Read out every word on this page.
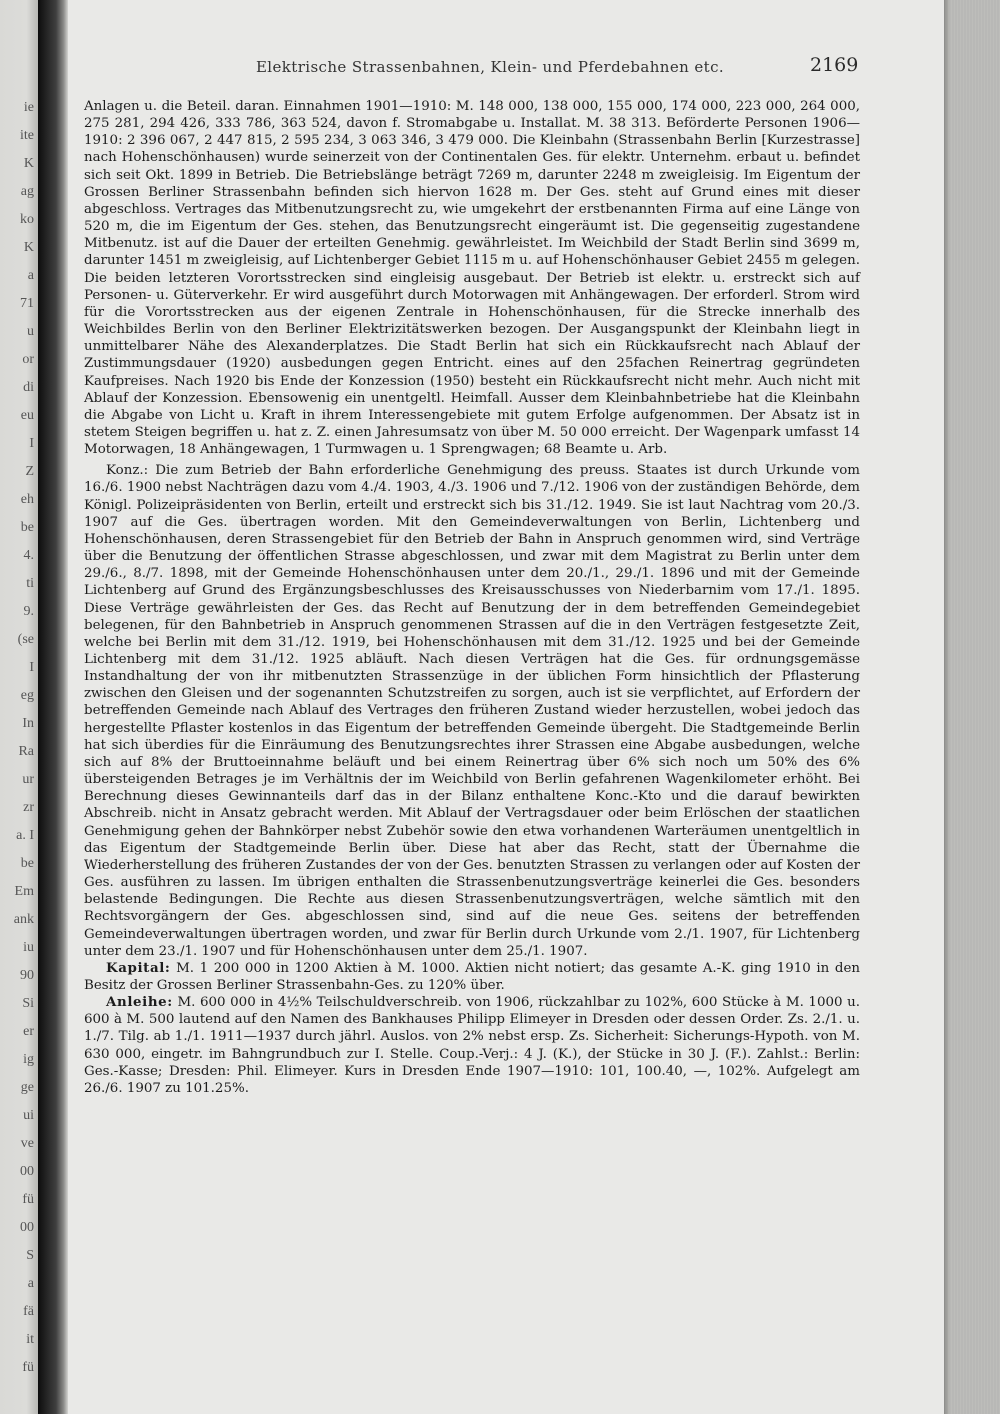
ie
ite
K
ag
ko
K
a
71
u
or
di
eu
I
Z
eh
be
4.
ti
9.
(se
I
eg
In
Ra
ur
zr
a. I
be
Em
ank
iu
90
Si
er
ig
ge
ui
ve
00
fü
00
S
a
fä
it
fü
Elektrische Strassenbahnen, Klein- und Pferdebahnen etc.	2169

Anlagen u. die Beteil. daran. Einnahmen 1901—1910: M. 148 000, 138 000, 155 000, 174 000, 223 000, 264 000, 275 281, 294 426, 333 786, 363 524, davon f. Stromabgabe u. Installat. M. 38 313. Beförderte Personen 1906—1910: 2 396 067, 2 447 815, 2 595 234, 3 063 346, 3 479 000. Die Kleinbahn (Strassenbahn Berlin [Kurzestrasse] nach Hohenschönhausen) wurde seinerzeit von der Continentalen Ges. für elektr. Unternehm. erbaut u. befindet sich seit Okt. 1899 in Betrieb. Die Betriebslänge beträgt 7269 m, darunter 2248 m zweigleisig. Im Eigentum der Grossen Berliner Strassenbahn befinden sich hiervon 1628 m. Der Ges. steht auf Grund eines mit dieser abgeschloss. Vertrages das Mitbenutzungsrecht zu, wie umgekehrt der erstbenannten Firma auf eine Länge von 520 m, die im Eigentum der Ges. stehen, das Benutzungsrecht eingeräumt ist. Die gegenseitig zugestandene Mitbenutz. ist auf die Dauer der erteilten Genehmig. gewährleistet. Im Weichbild der Stadt Berlin sind 3699 m, darunter 1451 m zweigleisig, auf Lichtenberger Gebiet 1115 m u. auf Hohenschönhauser Gebiet 2455 m gelegen. Die beiden letzteren Vorortsstrecken sind eingleisig ausgebaut. Der Betrieb ist elektr. u. erstreckt sich auf Personen- u. Güterverkehr. Er wird ausgeführt durch Motorwagen mit Anhängewagen. Der erforderl. Strom wird für die Vorortsstrecken aus der eigenen Zentrale in Hohenschönhausen, für die Strecke innerhalb des Weichbildes Berlin von den Berliner Elektrizitätswerken bezogen. Der Ausgangspunkt der Kleinbahn liegt in unmittelbarer Nähe des Alexanderplatzes. Die Stadt Berlin hat sich ein Rückkaufsrecht nach Ablauf der Zustimmungsdauer (1920) ausbedungen gegen Entricht. eines auf den 25fachen Reinertrag gegründeten Kaufpreises. Nach 1920 bis Ende der Konzession (1950) besteht ein Rückkaufsrecht nicht mehr. Auch nicht mit Ablauf der Konzession. Ebensowenig ein unentgeltl. Heimfall. Ausser dem Kleinbahnbetriebe hat die Kleinbahn die Abgabe von Licht u. Kraft in ihrem Interessengebiete mit gutem Erfolge aufgenommen. Der Absatz ist in stetem Steigen begriffen u. hat z. Z. einen Jahresumsatz von über M. 50 000 erreicht. Der Wagenpark umfasst 14 Motorwagen, 18 Anhängewagen, 1 Turmwagen u. 1 Sprengwagen; 68 Beamte u. Arb.

Konz.: Die zum Betrieb der Bahn erforderliche Genehmigung des preuss. Staates ist durch Urkunde vom 16./6. 1900 nebst Nachträgen dazu vom 4./4. 1903, 4./3. 1906 und 7./12. 1906 von der zuständigen Behörde, dem Königl. Polizeipräsidenten von Berlin, erteilt und erstreckt sich bis 31./12. 1949. Sie ist laut Nachtrag vom 20./3. 1907 auf die Ges. übertragen worden. Mit den Gemeindeverwaltungen von Berlin, Lichtenberg und Hohenschönhausen, deren Strassengebiet für den Betrieb der Bahn in Anspruch genommen wird, sind Verträge über die Benutzung der öffentlichen Strasse abgeschlossen, und zwar mit dem Magistrat zu Berlin unter dem 29./6., 8./7. 1898, mit der Gemeinde Hohenschönhausen unter dem 20./1., 29./1. 1896 und mit der Gemeinde Lichtenberg auf Grund des Ergänzungsbeschlusses des Kreisausschusses von Niederbarnim vom 17./1. 1895. Diese Verträge gewährleisten der Ges. das Recht auf Benutzung der in dem betreffenden Gemeindegebiet belegenen, für den Bahnbetrieb in Anspruch genommenen Strassen auf die in den Verträgen festgesetzte Zeit, welche bei Berlin mit dem 31./12. 1919, bei Hohenschönhausen mit dem 31./12. 1925 und bei der Gemeinde Lichtenberg mit dem 31./12. 1925 abläuft. Nach diesen Verträgen hat die Ges. für ordnungsgemässe Instandhaltung der von ihr mitbenutzten Strassenzüge in der üblichen Form hinsichtlich der Pflasterung zwischen den Gleisen und der sogenannten Schutzstreifen zu sorgen, auch ist sie verpflichtet, auf Erfordern der betreffenden Gemeinde nach Ablauf des Vertrages den früheren Zustand wieder herzustellen, wobei jedoch das hergestellte Pflaster kostenlos in das Eigentum der betreffenden Gemeinde übergeht. Die Stadtgemeinde Berlin hat sich überdies für die Einräumung des Benutzungsrechtes ihrer Strassen eine Abgabe ausbedungen, welche sich auf 8% der Bruttoeinnahme beläuft und bei einem Reinertrag über 6% sich noch um 50% des 6% übersteigenden Betrages je im Verhältnis der im Weichbild von Berlin gefahrenen Wagenkilometer erhöht. Bei Berechnung dieses Gewinnanteils darf das in der Bilanz enthaltene Konc.-Kto und die darauf bewirkten Abschreib. nicht in Ansatz gebracht werden. Mit Ablauf der Vertragsdauer oder beim Erlöschen der staatlichen Genehmigung gehen der Bahnkörper nebst Zubehör sowie den etwa vorhandenen Warteräumen unentgeltlich in das Eigentum der Stadtgemeinde Berlin über. Diese hat aber das Recht, statt der Übernahme die Wiederherstellung des früheren Zustandes der von der Ges. benutzten Strassen zu verlangen oder auf Kosten der Ges. ausführen zu lassen. Im übrigen enthalten die Strassenbenutzungsverträge keinerlei die Ges. besonders belastende Bedingungen. Die Rechte aus diesen Strassenbenutzungsverträgen, welche sämtlich mit den Rechtsvorgängern der Ges. abgeschlossen sind, sind auf die neue Ges. seitens der betreffenden Gemeindeverwaltungen übertragen worden, und zwar für Berlin durch Urkunde vom 2./1. 1907, für Lichtenberg unter dem 23./1. 1907 und für Hohenschönhausen unter dem 25./1. 1907.

Kapital: M. 1 200 000 in 1200 Aktien à M. 1000. Aktien nicht notiert; das gesamte A.-K. ging 1910 in den Besitz der Grossen Berliner Strassenbahn-Ges. zu 120% über.

Anleihe: M. 600 000 in 4½% Teilschuldverschreib. von 1906, rückzahlbar zu 102%, 600 Stücke à M. 1000 u. 600 à M. 500 lautend auf den Namen des Bankhauses Philipp Elimeyer in Dresden oder dessen Order. Zs. 2./1. u. 1./7. Tilg. ab 1./1. 1911—1937 durch jährl. Auslos. von 2% nebst ersp. Zs. Sicherheit: Sicherungs-Hypoth. von M. 630 000, eingetr. im Bahngrundbuch zur I. Stelle. Coup.-Verj.: 4 J. (K.), der Stücke in 30 J. (F.). Zahlst.: Berlin: Ges.-Kasse; Dresden: Phil. Elimeyer. Kurs in Dresden Ende 1907—1910: 101, 100.40, —, 102%. Aufgelegt am 26./6. 1907 zu 101.25%.
